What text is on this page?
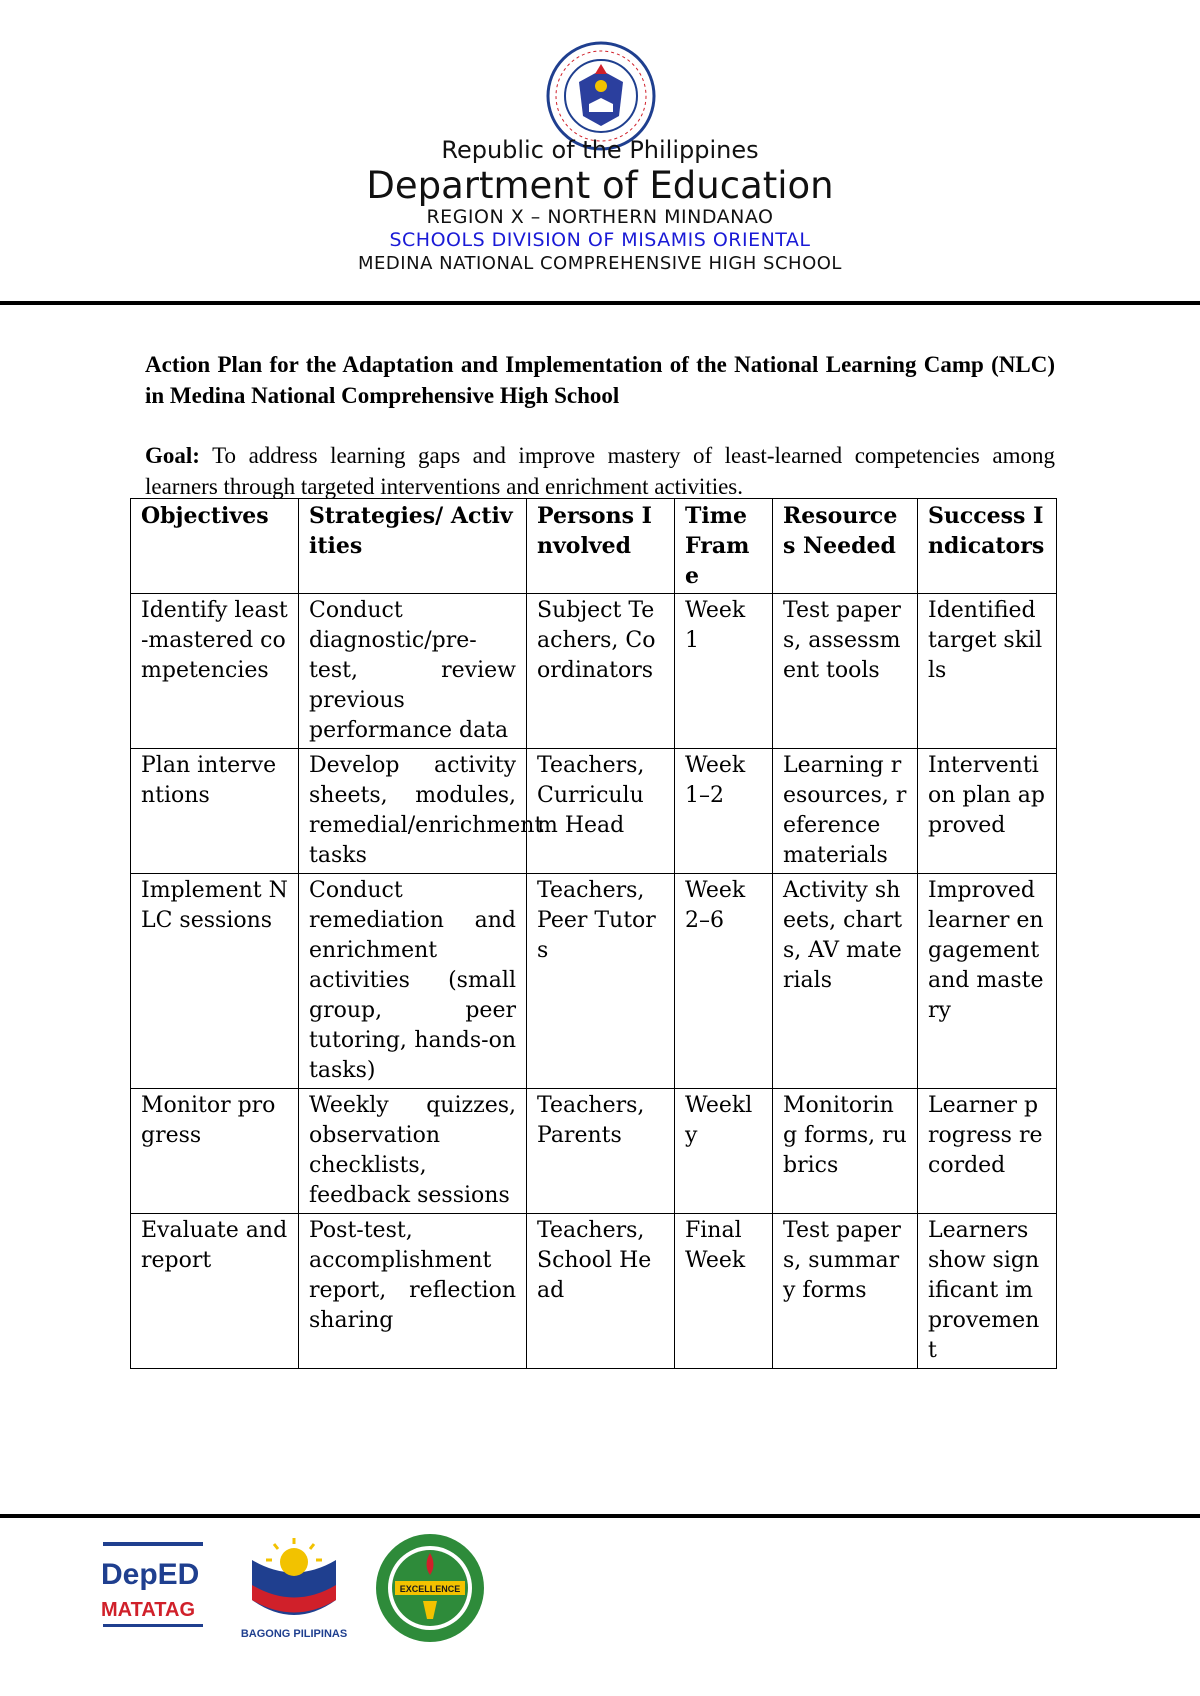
Republic of the Philippines
Department of Education
REGION X – NORTHERN MINDANAO
SCHOOLS DIVISION OF MISAMIS ORIENTAL
MEDINA NATIONAL COMPREHENSIVE HIGH SCHOOL
Action Plan for the Adaptation and Implementation of the National Learning Camp (NLC) in Medina National Comprehensive High School
Goal: To address learning gaps and improve mastery of least-learned competencies among learners through targeted interventions and enrichment activities.
Objectives	Strategies/ Activities	Persons Involved	Time Frame	Resources Needed	Success Indicators
Identify least-mastered competencies	Conduct diagnostic/pre-test, review previous performance data	Subject Teachers, Coordinators	Week 1	Test papers, assessment tools	Identified target skills
Plan interventions	Develop activity sheets, modules, remedial/enrichment tasks	Teachers, Curriculum Head	Week 1–2	Learning resources, reference materials	Intervention plan approved
Implement NLC sessions	Conduct remediation and enrichment activities (small group, peer tutoring, hands-on tasks)	Teachers, Peer Tutors	Week 2–6	Activity sheets, charts, AV materials	Improved learner engagement and mastery
Monitor progress	Weekly quizzes, observation checklists, feedback sessions	Teachers, Parents	Weekly	Monitoring forms, rubrics	Learner progress recorded
Evaluate and report	Post-test, accomplishment report, reflection sharing	Teachers, School Head	Final Week	Test papers, summary forms	Learners show significant improvement
DepED
MATATAG
BAGONG PILIPINAS
EXCELLENCE
